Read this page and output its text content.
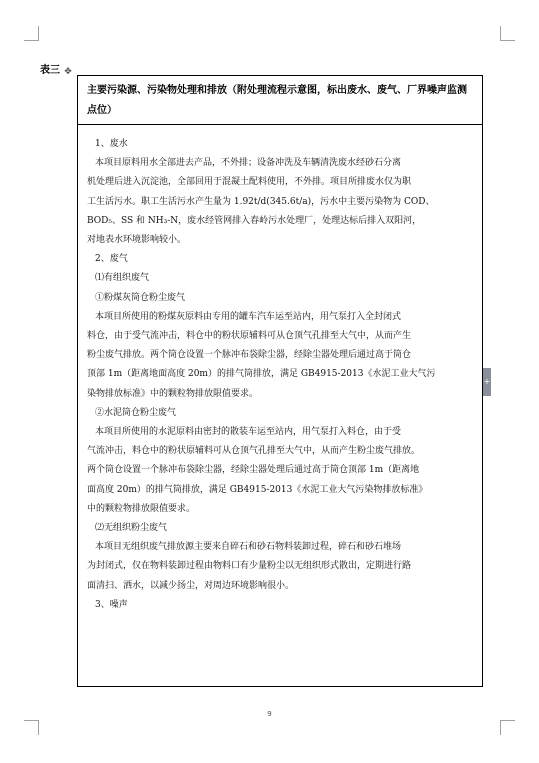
表三 ✥
主要污染源、污染物处理和排放（附处理流程示意图，标出废水、废气、厂界噪声监测点位）
1、废水
本项目原料用水全部进去产品，不外排；设备冲洗及车辆清洗废水经砂石分离
机处理后进入沉淀池，全部回用于混凝土配料使用，不外排。项目所排废水仅为职
工生活污水。职工生活污水产生量为 1.92t/d(345.6t/a)，污水中主要污染物为 COD、
BOD₅、SS 和 NH₃-N，废水经管网排入春岭污水处理厂，处理达标后排入双阳河，
对地表水环境影响较小。
2、废气
⑴有组织废气
①粉煤灰筒仓粉尘废气
本项目所使用的粉煤灰原料由专用的罐车汽车运至站内，用气泵打入全封闭式
料仓，由于受气流冲击，料仓中的粉状原辅料可从仓顶气孔排至大气中，从而产生
粉尘废气排放。两个筒仓设置一个脉冲布袋除尘器，经除尘器处理后通过高于筒仓
顶部 1m（距离地面高度 20m）的排气筒排放，满足 GB4915-2013《水泥工业大气污
染物排放标准》中的颗粒物排放限值要求。
②水泥筒仓粉尘废气
本项目所使用的水泥原料由密封的散装车运至站内，用气泵打入料仓，由于受
气流冲击，料仓中的粉状原辅料可从仓顶气孔排至大气中，从而产生粉尘废气排放。
两个筒仓设置一个脉冲布袋除尘器，经除尘器处理后通过高于筒仓顶部 1m（距离地
面高度 20m）的排气筒排放，满足 GB4915-2013《水泥工业大气污染物排放标准》
中的颗粒物排放限值要求。
⑵无组织粉尘废气
本项目无组织废气排放源主要来自碎石和砂石物料装卸过程，碎石和砂石堆场
为封闭式，仅在物料装卸过程由物料口有少量粉尘以无组织形式散出，定期进行路
面清扫、洒水，以减少扬尘，对周边环境影响很小。
3、噪声
+
9
